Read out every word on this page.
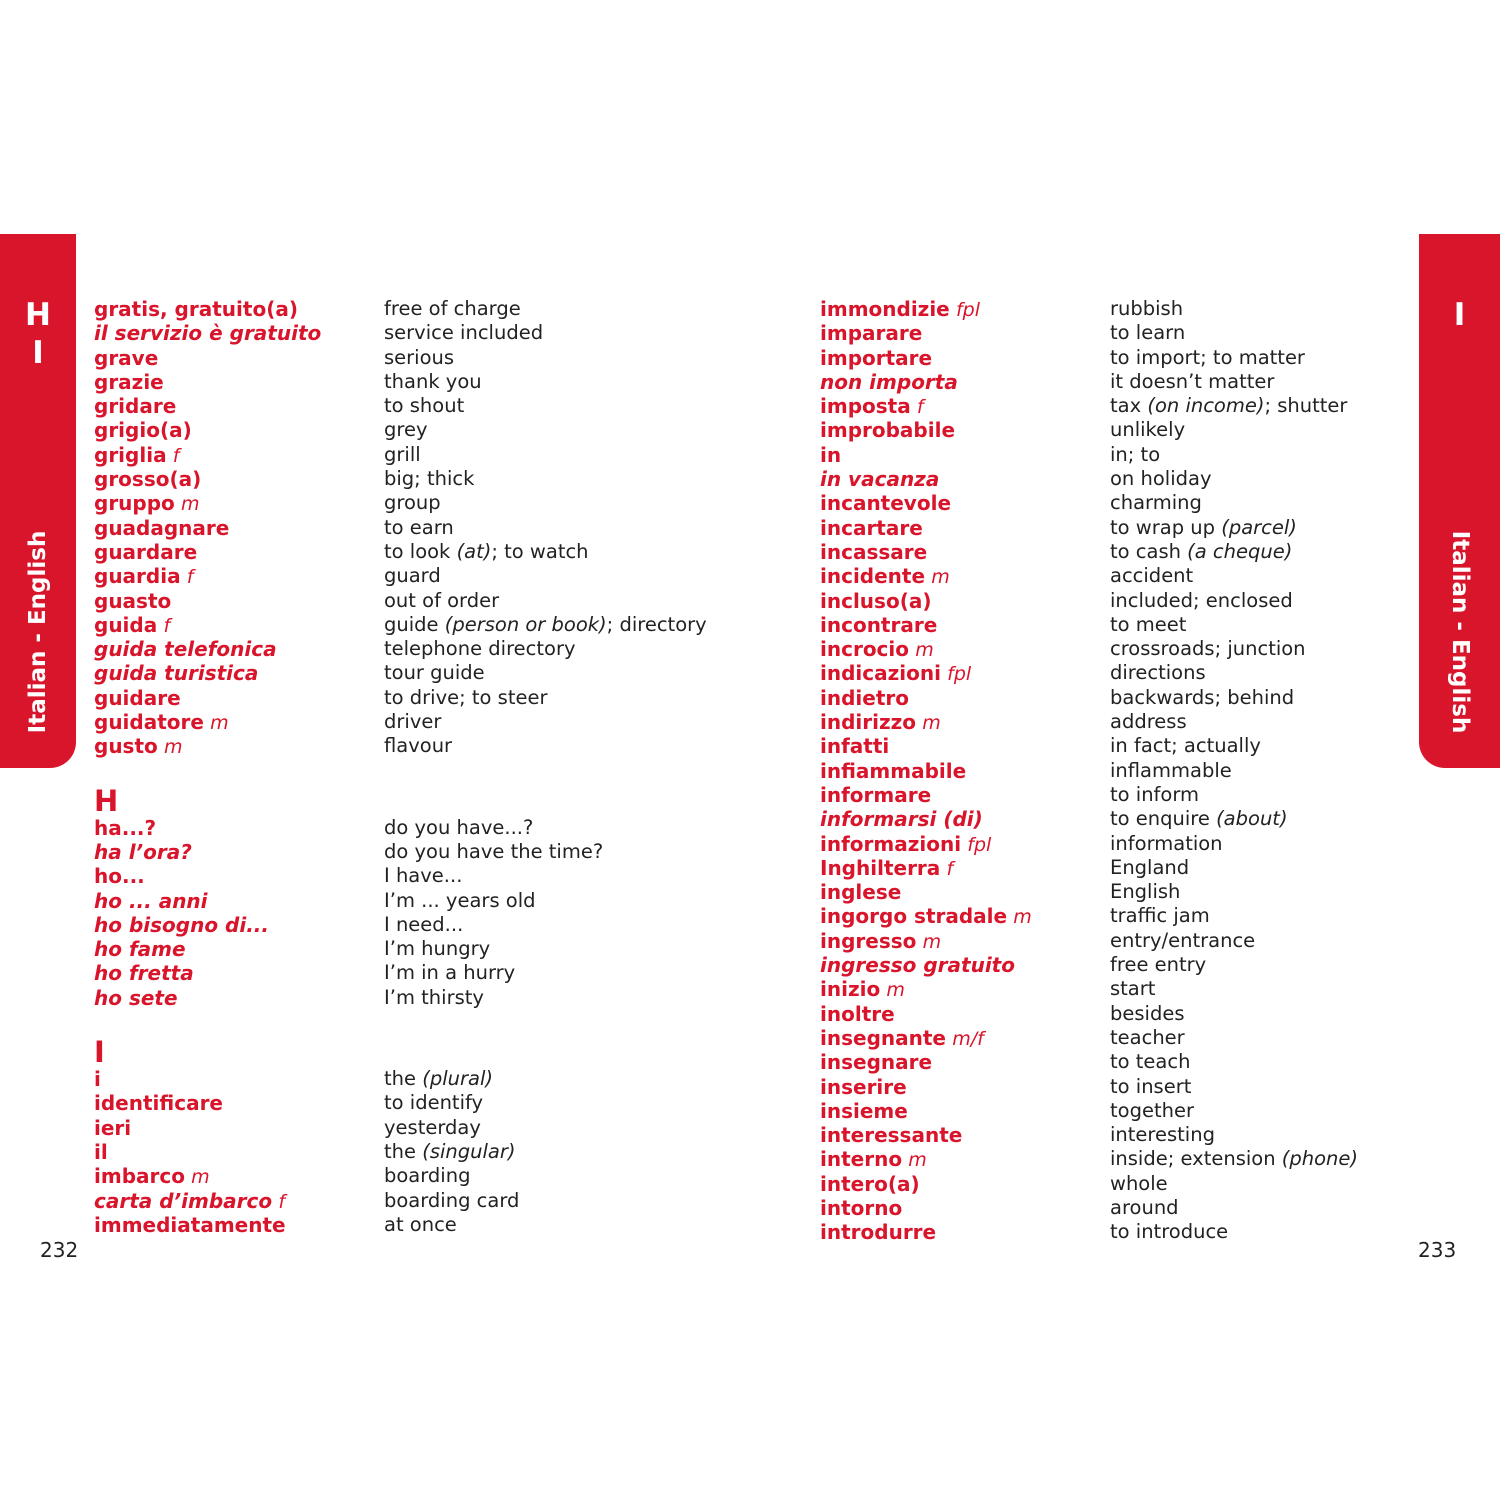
H
I
Italian - English
I
Italian - English
gratis, gratuito(a)
il servizio è gratuito
grave
grazie
gridare
grigio(a)
griglia f
grosso(a)
gruppo m
guadagnare
guardare
guardia f
guasto
guida f
guida telefonica
guida turistica
guidare
guidatore m
gusto m
H
ha...?
ha l’ora?
ho...
ho ... anni
ho bisogno di...
ho fame
ho fretta
ho sete
I
i
identificare
ieri
il
imbarco m
carta d’imbarco f
immediatamente
free of charge
service included
serious
thank you
to shout
grey
grill
big; thick
group
to earn
to look (at); to watch
guard
out of order
guide (person or book); directory
telephone directory
tour guide
to drive; to steer
driver
flavour
do you have...?
do you have the time?
I have...
I’m ... years old
I need...
I’m hungry
I’m in a hurry
I’m thirsty
the (plural)
to identify
yesterday
the (singular)
boarding
boarding card
at once
immondizie fpl
imparare
importare
non importa
imposta f
improbabile
in
in vacanza
incantevole
incartare
incassare
incidente m
incluso(a)
incontrare
incrocio m
indicazioni fpl
indietro
indirizzo m
infatti
infiammabile
informare
informarsi (di)
informazioni fpl
Inghilterra f
inglese
ingorgo stradale m
ingresso m
ingresso gratuito
inizio m
inoltre
insegnante m/f
insegnare
inserire
insieme
interessante
interno m
intero(a)
intorno
introdurre
rubbish
to learn
to import; to matter
it doesn’t matter
tax (on income); shutter
unlikely
in; to
on holiday
charming
to wrap up (parcel)
to cash (a cheque)
accident
included; enclosed
to meet
crossroads; junction
directions
backwards; behind
address
in fact; actually
inflammable
to inform
to enquire (about)
information
England
English
traffic jam
entry/entrance
free entry
start
besides
teacher
to teach
to insert
together
interesting
inside; extension (phone)
whole
around
to introduce
232	233
